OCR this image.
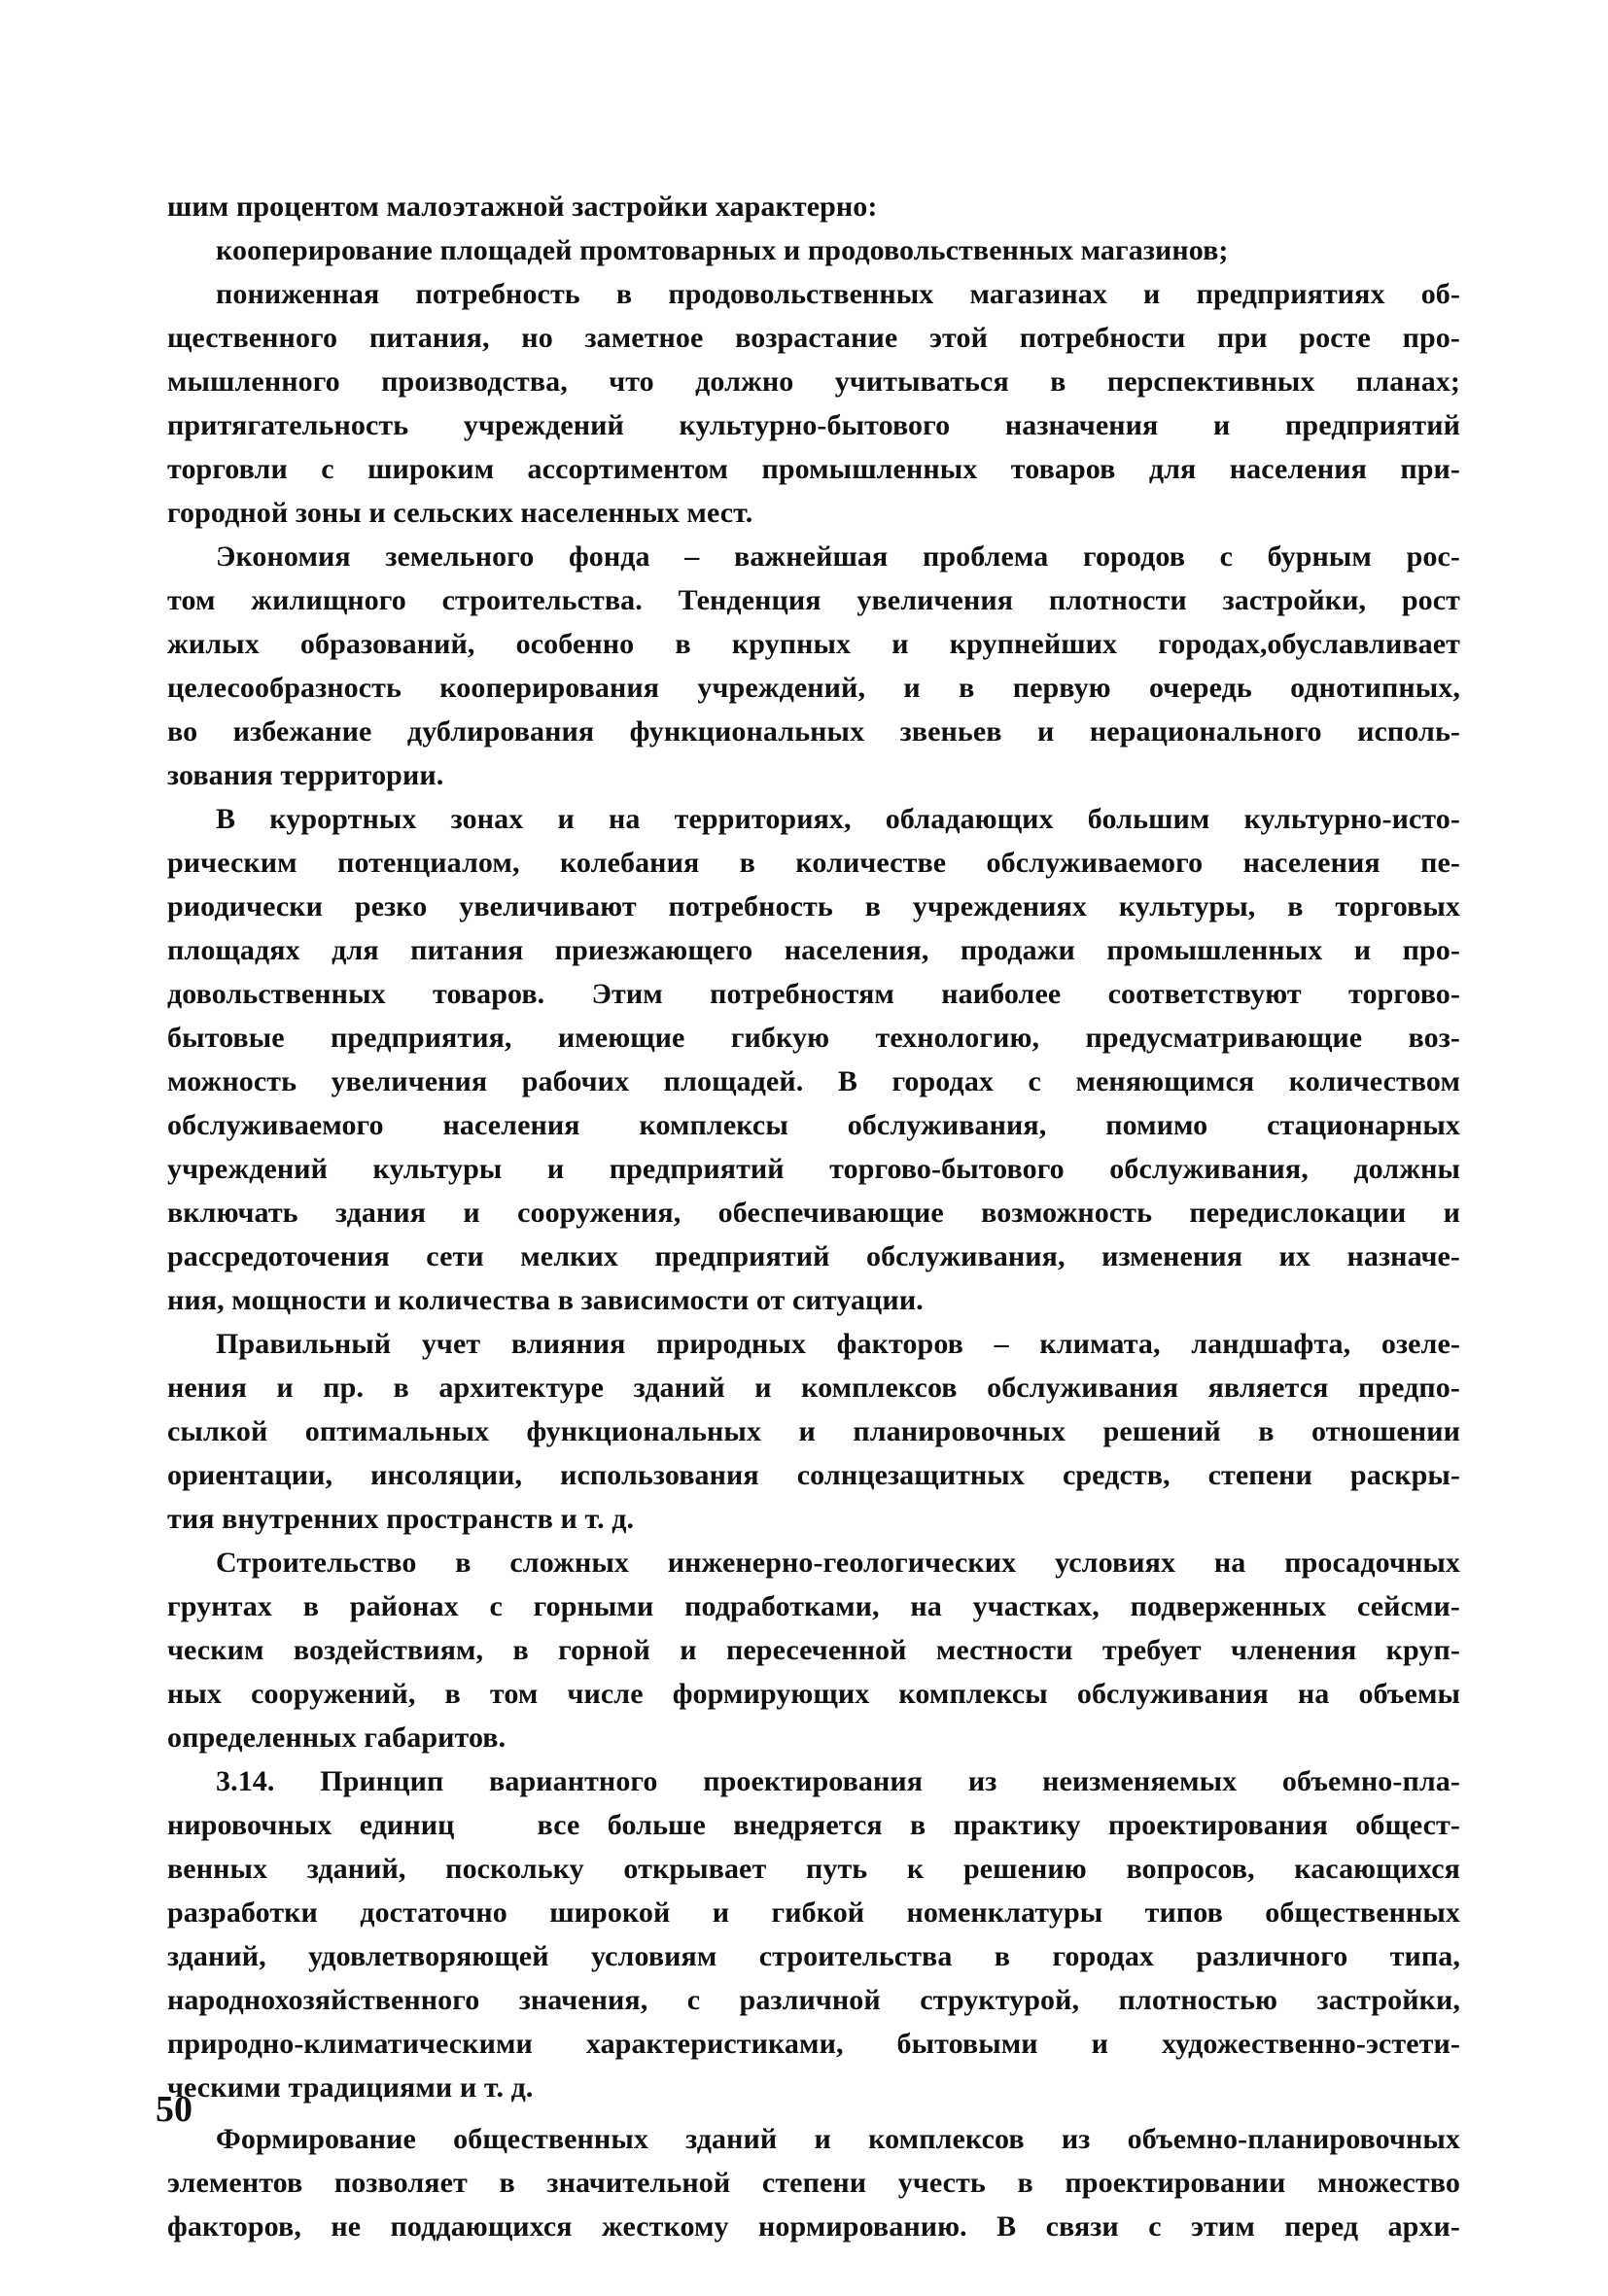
шим процентом малоэтажной застройки характерно:
кооперирование площадей промтоварных и продовольственных магазинов;
пониженная потребность в продовольственных магазинах и предприятиях об-
щественного питания, но заметное возрастание этой потребности при росте про-
мышленного производства, что должно учитываться в перспективных планах;
притягательность учреждений культурно-бытового назначения и предприятий
торговли с широким ассортиментом промышленных товаров для населения при-
городной зоны и сельских населенных мест.
Экономия земельного фонда – важнейшая проблема городов с бурным рос-
том жилищного строительства. Тенденция увеличения плотности застройки, рост
жилых образований, особенно в крупных и крупнейших городах,обуславливает
целесообразность кооперирования учреждений, и в первую очередь однотипных,
во избежание дублирования функциональных звеньев и нерационального исполь-
зования территории.
В курортных зонах и на территориях, обладающих большим культурно-исто-
рическим потенциалом, колебания в количестве обслуживаемого населения пе-
риодически резко увеличивают потребность в учреждениях культуры, в торговых
площадях для питания приезжающего населения, продажи промышленных и про-
довольственных товаров. Этим потребностям наиболее соответствуют торгово-
бытовые предприятия, имеющие гибкую технологию, предусматривающие воз-
можность увеличения рабочих площадей. В городах с меняющимся количеством
обслуживаемого населения комплексы обслуживания, помимо стационарных
учреждений культуры и предприятий торгово-бытового обслуживания, должны
включать здания и сооружения, обеспечивающие возможность передислокации и
рассредоточения сети мелких предприятий обслуживания, изменения их назначе-
ния, мощности и количества в зависимости от ситуации.
Правильный учет влияния природных факторов – климата, ландшафта, озеле-
нения и пр. в архитектуре зданий и комплексов обслуживания является предпо-
сылкой оптимальных функциональных и планировочных решений в отношении
ориентации, инсоляции, использования солнцезащитных средств, степени раскры-
тия внутренних пространств и т. д.
Строительство в сложных инженерно-геологических условиях на просадочных
грунтах в районах с горными подработками, на участках, подверженных сейсми-
ческим воздействиям, в горной и пересеченной местности требует членения круп-
ных сооружений, в том числе формирующих комплексы обслуживания на объемы
определенных габаритов.
3.14. Принцип вариантного проектирования из неизменяемых объемно-пла-
нировочных единиц   все больше внедряется в практику проектирования общест-
венных зданий, поскольку открывает путь к решению вопросов, касающихся
разработки достаточно широкой и гибкой номенклатуры типов общественных
зданий, удовлетворяющей условиям строительства в городах различного типа,
народнохозяйственного значения, с различной структурой, плотностью застройки,
природно-климатическими характеристиками, бытовыми и художественно-эстети-
ческими традициями и т. д.
Формирование общественных зданий и комплексов из объемно-планировочных
элементов позволяет в значительной степени учесть в проектировании множество
факторов, не поддающихся жесткому нормированию. В связи с этим перед архи-
50
